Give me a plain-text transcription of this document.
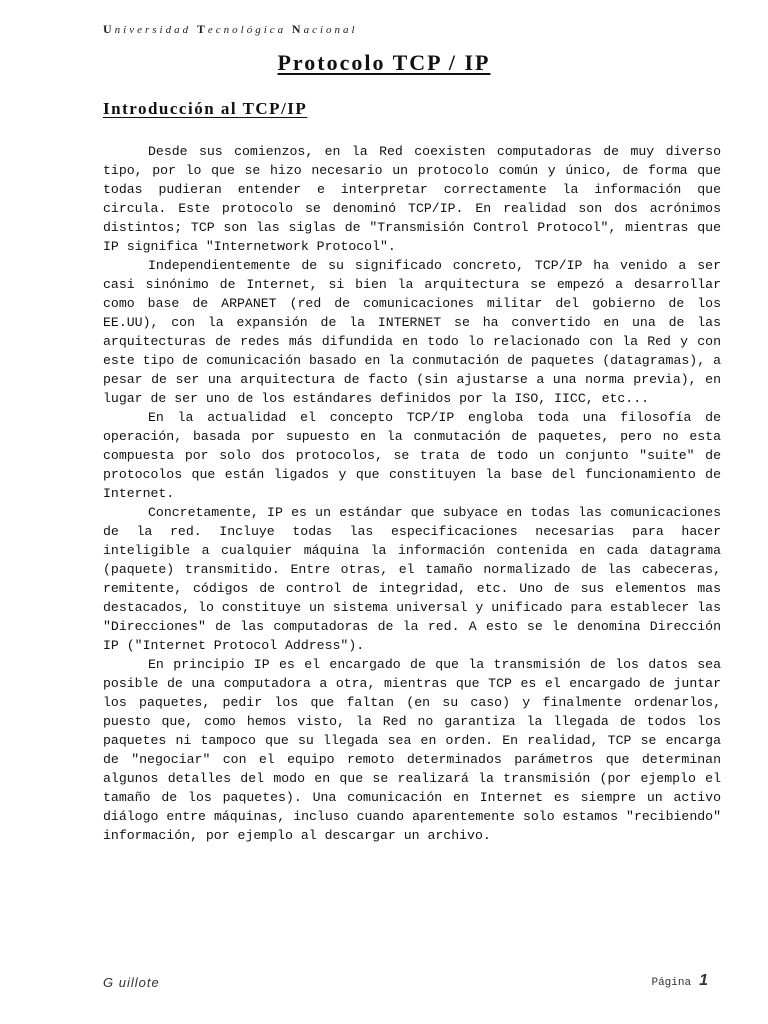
Universidad Tecnológica Nacional
Protocolo TCP / IP
Introducción al TCP/IP

Desde sus comienzos, en la Red coexisten computadoras de muy diverso tipo, por lo que se hizo necesario un protocolo común y único, de forma que todas pudieran entender e interpretar correctamente la información que circula. Este protocolo se denominó TCP/IP. En realidad son dos acrónimos distintos; TCP son las siglas de "Transmisión Control Protocol", mientras que IP significa "Internetwork Protocol".

Independientemente de su significado concreto, TCP/IP ha venido a ser casi sinónimo de Internet, si bien la arquitectura se empezó a desarrollar como base de ARPANET (red de comunicaciones militar del gobierno de los EE.UU), con la expansión de la INTERNET se ha convertido en una de las arquitecturas de redes más difundida en todo lo relacionado con la Red y con este tipo de comunicación basado en la conmutación de paquetes (datagramas), a pesar de ser una arquitectura de facto (sin ajustarse a una norma previa), en lugar de ser uno de los estándares definidos por la ISO, IICC, etc...

En la actualidad el concepto TCP/IP engloba toda una filosofía de operación, basada por supuesto en la conmutación de paquetes, pero no esta compuesta por solo dos protocolos, se trata de todo un conjunto "suite" de protocolos que están ligados y que constituyen la base del funcionamiento de Internet.

Concretamente, IP es un estándar que subyace en todas las comunicaciones de la red. Incluye todas las especificaciones necesarias para hacer inteligible a cualquier máquina la información contenida en cada datagrama (paquete) transmitido. Entre otras, el tamaño normalizado de las cabeceras, remitente, códigos de control de integridad, etc. Uno de sus elementos mas destacados, lo constituye un sistema universal y unificado para establecer las "Direcciones" de las computadoras de la red. A esto se le denomina Dirección IP ("Internet Protocol Address").

En principio IP es el encargado de que la transmisión de los datos sea posible de una computadora a otra, mientras que TCP es el encargado de juntar los paquetes, pedir los que faltan (en su caso) y finalmente ordenarlos, puesto que, como hemos visto, la Red no garantiza la llegada de todos los paquetes ni tampoco que su llegada sea en orden. En realidad, TCP se encarga de "negociar" con el equipo remoto determinados parámetros que determinan algunos detalles del modo en que se realizará la transmisión (por ejemplo el tamaño de los paquetes). Una comunicación en Internet es siempre un activo diálogo entre máquinas, incluso cuando aparentemente solo estamos "recibiendo" información, por ejemplo al descargar un archivo.

G uillote	Página 1
